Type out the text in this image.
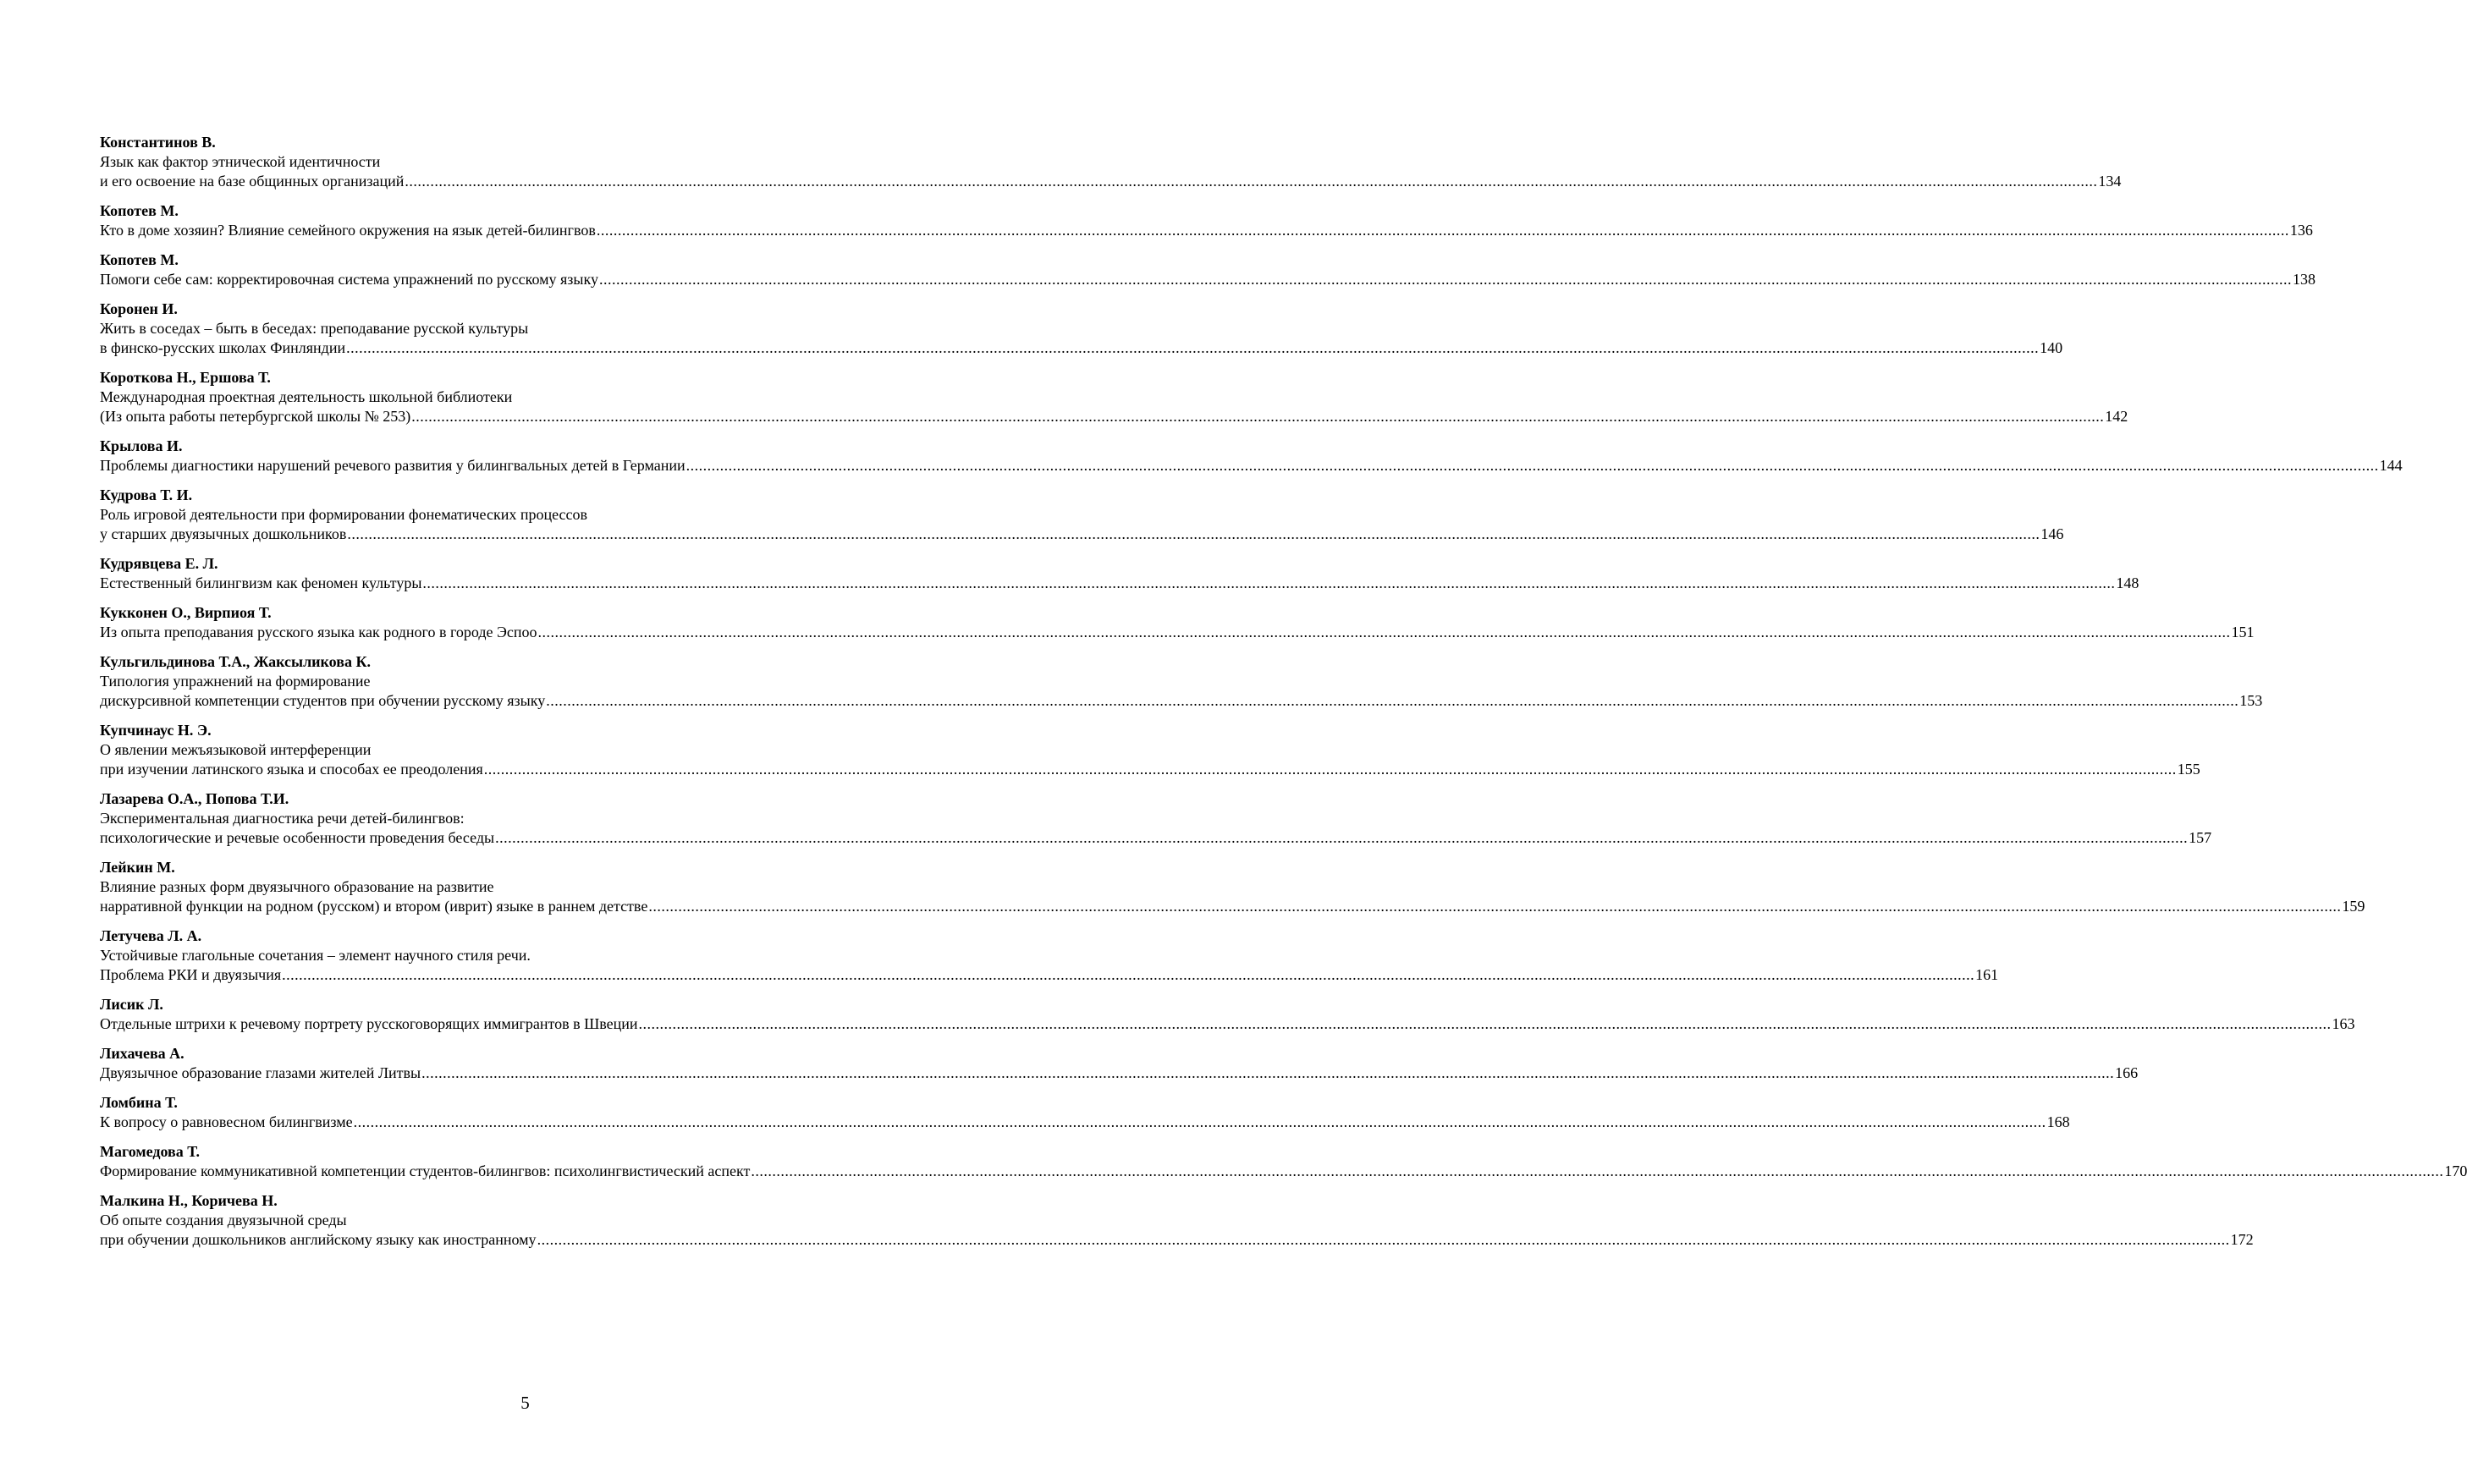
Константинов В.
Язык как фактор этнической идентичности
и его освоение на базе общинных организаций ................................................................................................................................................................................................................................................................................................................................................................................................................ 134
Копотев М.
Кто в доме хозяин? Влияние семейного окружения на язык детей-билингвов ................................................................................................................................................................................................................................................................................................................................................................................................................ 136
Копотев М.
Помоги себе сам: корректировочная система упражнений по русскому языку ................................................................................................................................................................................................................................................................................................................................................................................................................ 138
Коронен И.
Жить в соседах – быть в беседах: преподавание русской культуры
в финско-русских школах Финляндии ................................................................................................................................................................................................................................................................................................................................................................................................................ 140
Короткова Н., Ершова Т.
Международная проектная деятельность школьной библиотеки
(Из опыта работы петербургской школы № 253) ................................................................................................................................................................................................................................................................................................................................................................................................................ 142
Крылова И.
Проблемы диагностики нарушений речевого развития у билингвальных детей в Германии ................................................................................................................................................................................................................................................................................................................................................................................................................ 144
Кудрова Т. И.
Роль игровой деятельности при формировании фонематических процессов
у старших двуязычных дошкольников ................................................................................................................................................................................................................................................................................................................................................................................................................ 146
Кудрявцева Е. Л.
Естественный билингвизм как феномен культуры ................................................................................................................................................................................................................................................................................................................................................................................................................ 148
Кукконен О., Вирпиоя Т.
Из опыта преподавания русского языка как родного в городе Эспоо ................................................................................................................................................................................................................................................................................................................................................................................................................ 151
Кульгильдинова Т.А., Жаксыликова К.
Типология упражнений на формирование
дискурсивной компетенции студентов при обучении русскому языку ................................................................................................................................................................................................................................................................................................................................................................................................................ 153
Купчинаус Н. Э.
О явлении межъязыковой интерференции
при изучении латинского языка и способах ее преодоления ................................................................................................................................................................................................................................................................................................................................................................................................................ 155
Лазарева О.А., Попова Т.И.
Экспериментальная диагностика речи детей-билингвов:
психологические и речевые особенности проведения беседы ................................................................................................................................................................................................................................................................................................................................................................................................................ 157
Лейкин М.
Влияние разных форм двуязычного образование на развитие
нарративной функции на родном (русском) и втором (иврит) языке в раннем детстве ................................................................................................................................................................................................................................................................................................................................................................................................................ 159
Летучева Л. А.
Устойчивые глагольные сочетания – элемент научного стиля речи.
Проблема РКИ и двуязычия ................................................................................................................................................................................................................................................................................................................................................................................................................ 161
Лисик Л.
Отдельные штрихи к речевому портрету русскоговорящих иммигрантов в Швеции ................................................................................................................................................................................................................................................................................................................................................................................................................ 163
Лихачева А.
Двуязычное образование глазами жителей Литвы ................................................................................................................................................................................................................................................................................................................................................................................................................ 166
Ломбина Т.
К вопросу о равновесном билингвизме ................................................................................................................................................................................................................................................................................................................................................................................................................ 168
Магомедова Т.
Формирование коммуникативной компетенции студентов-билингвов: психолингвистический аспект ................................................................................................................................................................................................................................................................................................................................................................................................................ 170
Малкина Н., Коричева Н.
Об опыте создания двуязычной среды
при обучении дошкольников английскому языку как иностранному ................................................................................................................................................................................................................................................................................................................................................................................................................ 172
5
